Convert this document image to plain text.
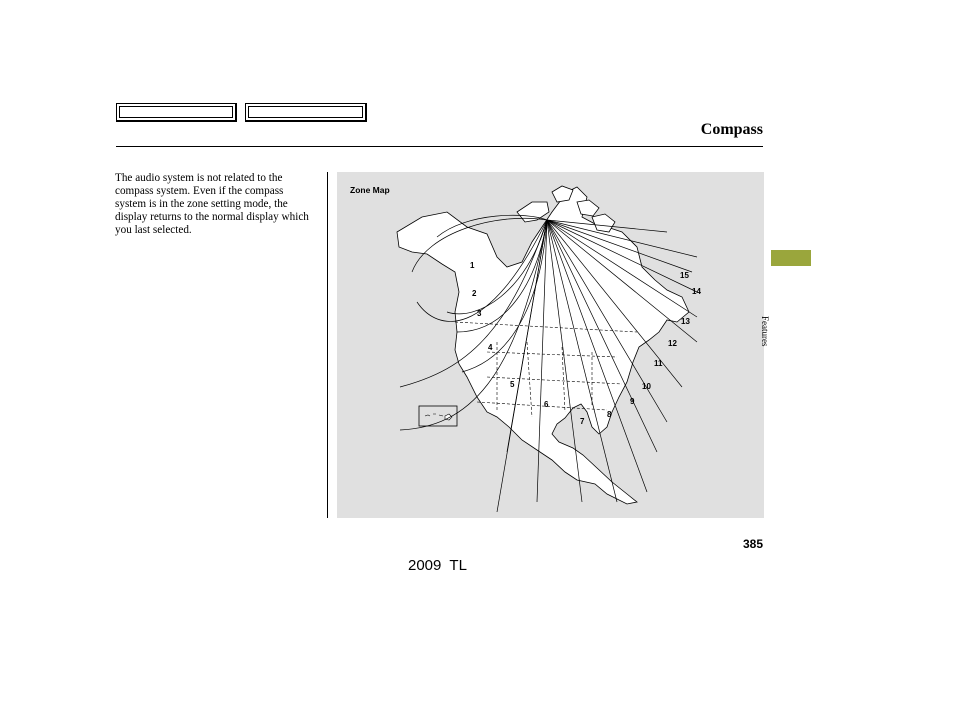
Compass
The audio system is not related to the compass system. Even if the compass system is in the zone setting mode, the display returns to the normal display which you last selected.
1
2
3
4
5
6
7
8
9
10
11
12
13
14
15
Zone Map
Features
385
2009  TL
